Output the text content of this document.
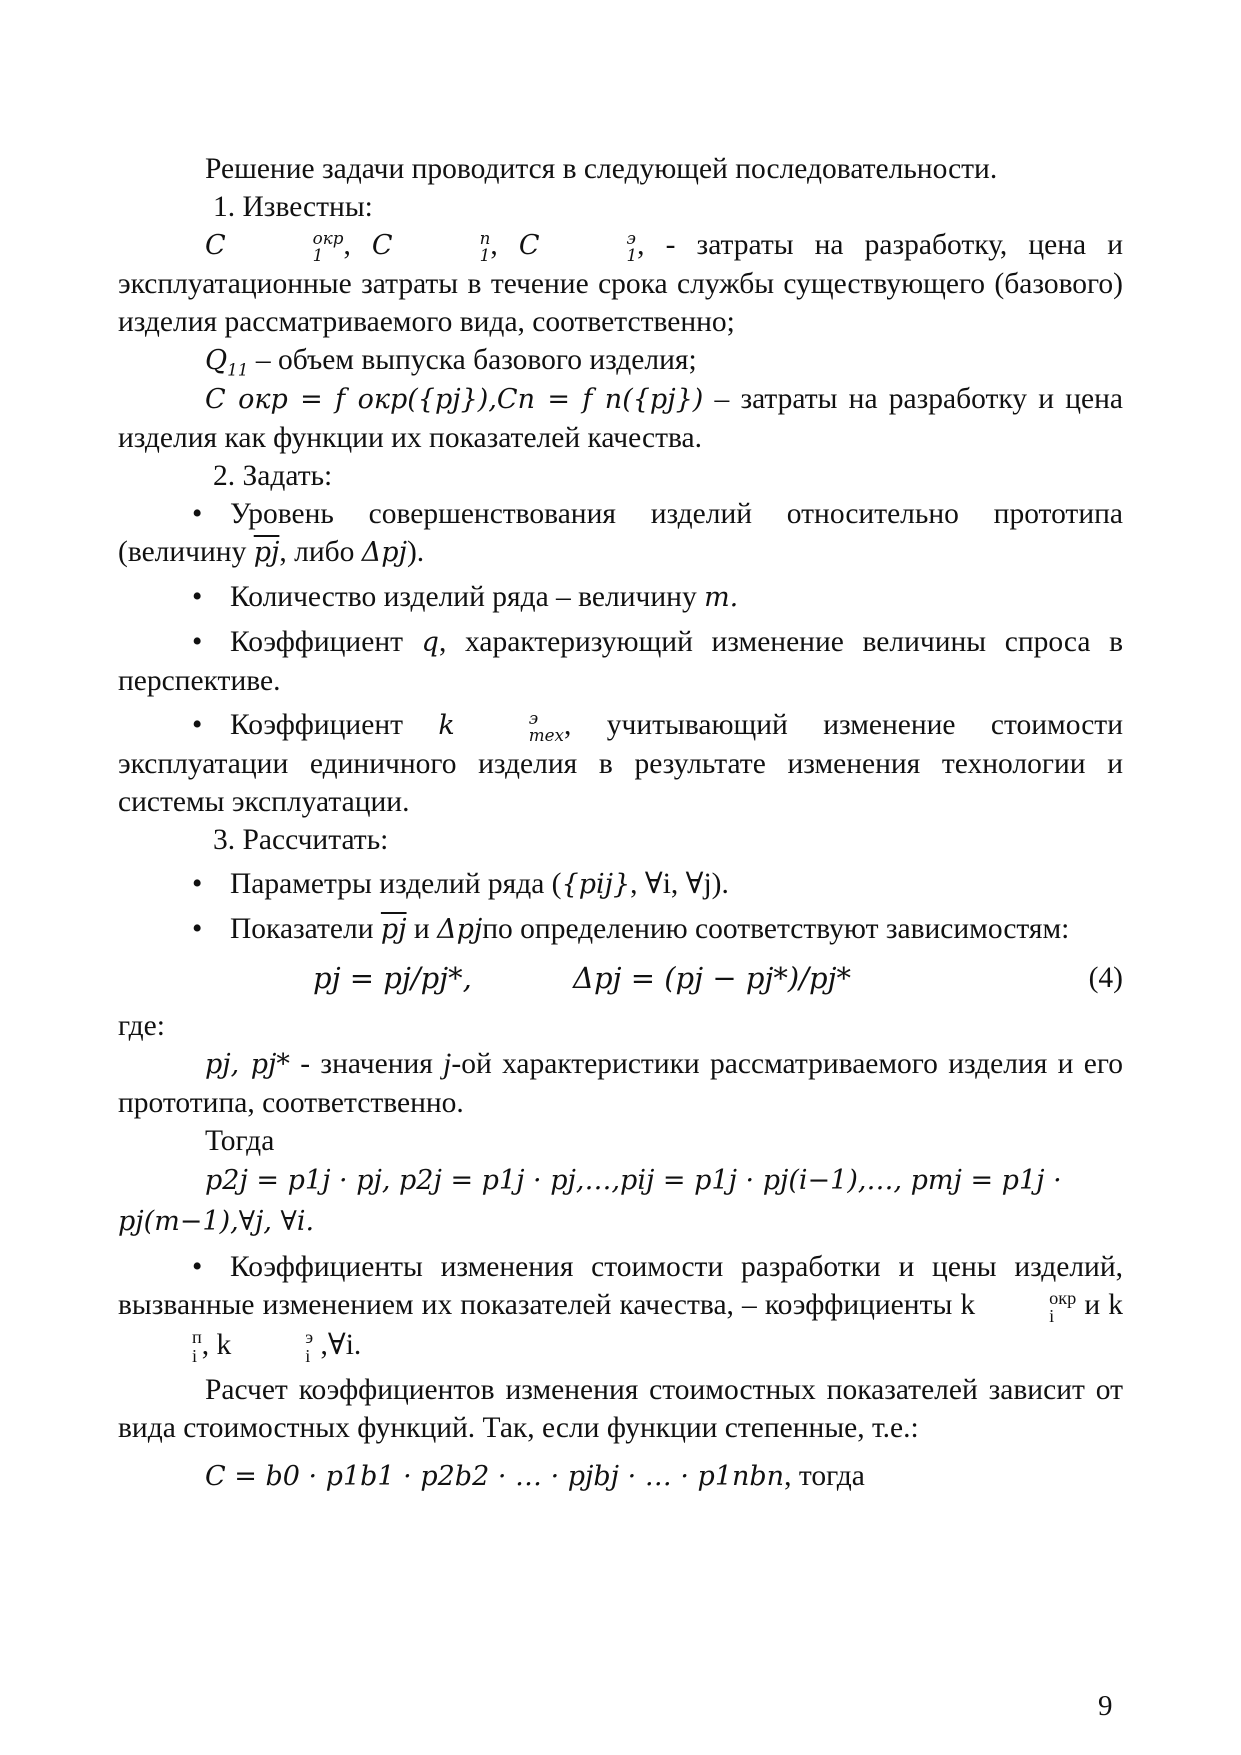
Решение задачи проводится в следующей последовательности.

1. Известны:

C	окр
1 , C	п
1 , C	э
1 , - затраты на разработку, цена и эксплуатационные затраты в течение срока службы существующего (базового) изделия рассматриваемого вида, соответственно;

$Q_{11}$ – объем выпуска базового изделия;

C окр = f окр({pj}),Cп = f п({pj}) – затраты на разработку и цена изделия как функции их показателей качества.

2. Задать:

• Уровень совершенствования изделий относительно прототипа (величину $\overline{pj}$, либо Δpj).

• Количество изделий ряда – величину m.

• Коэффициент q, характеризующий изменение величины спроса в перспективе.

• Коэффициент k	э
тех , учитывающий изменение стоимости эксплуатации единичного изделия в результате изменения технологии и системы эксплуатации.

3. Рассчитать:

• Параметры изделий ряда ({pij}, ∀i, ∀j).

• Показатели $\overline{pj}$ и Δpjпо определению соответствуют зависимостям:

pj = pj/pj*,	Δpj = (pj − pj*)/pj*	(4)

где:

pj, pj* - значения j-ой характеристики рассматриваемого изделия и его прототипа, соответственно.

Тогда

p2j = p1j · pj, p2j = p1j · pj,…,pij = p1j · pj(i−1),…, pmj = p1j ·

pj(m−1),∀j, ∀i.

• Коэффициенты изменения стоимости разработки и цены изделий, вызванные изменением их показателей качества, – коэффициенты k	окр
i и k
п
i , k	э
i ,∀i.

Расчет коэффициентов изменения стоимостных показателей зависит от вида стоимостных функций. Так, если функции степенные, т.е.:

C = b0 · p1b1 · p2b2 · … · pjbj · … · p1nbn, тогда

9
